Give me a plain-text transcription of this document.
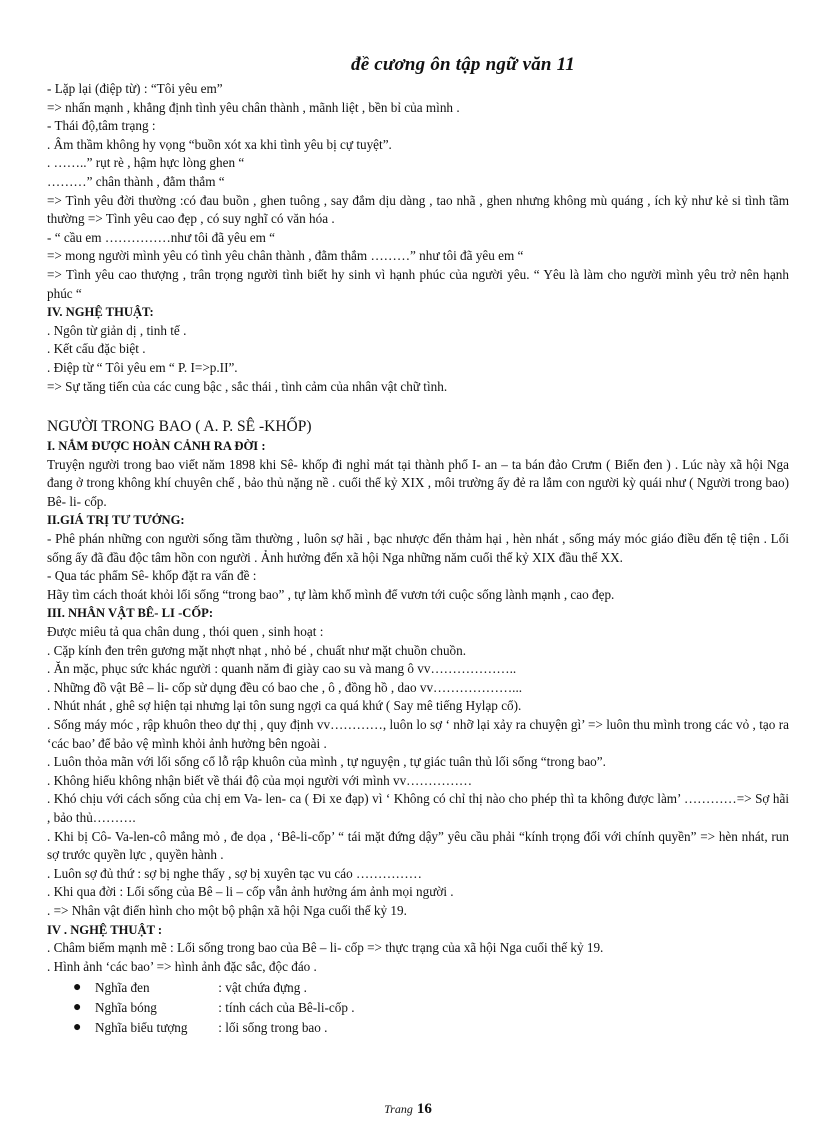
đề cương ôn tập ngữ văn 11
- Lặp lại (điệp từ) : “Tôi yêu em”
=> nhấn mạnh , khẳng định tình yêu chân thành , mãnh liệt , bền bỉ của mình .
- Thái độ,tâm trạng :
. Âm thầm không hy vọng “buồn xót xa khi tình yêu bị cự tuyệt”.
. ……..” rụt rè , hậm hực lòng ghen “
………” chân thành , đằm thắm “
=> Tình yêu đời thường :có đau buồn , ghen tuông , say đắm dịu dàng , tao nhã , ghen nhưng không mù quáng , ích kỷ như kẻ si tình tầm thường => Tình yêu cao đẹp , có suy nghĩ có văn hóa .
- “ cầu em ……………như tôi đã yêu em “
=> mong người mình yêu có tình yêu chân thành , đằm thắm ………” như tôi đã yêu em “
=> Tình yêu cao thượng , trân trọng người tình biết hy sinh vì hạnh phúc của người yêu. “ Yêu là làm cho người mình yêu trở nên hạnh phúc “
IV. NGHỆ THUẬT:
. Ngôn từ giản dị , tinh tế .
. Kết cấu đặc biệt .
. Điệp từ “ Tôi yêu em “ P. I=>p.II”.
=> Sự tăng tiến của các cung bậc , sắc thái , tình cảm của nhân vật chữ tình.
NGƯỜI TRONG BAO ( A. P. SÊ -KHỐP)
I. NẮM ĐƯỢC HOÀN CẢNH RA ĐỜI :
Truyện người trong bao viết năm 1898 khi Sê- khốp đi nghỉ mát tại thành phố I- an – ta bán đảo Crưm ( Biển đen ) . Lúc này xã hội Nga đang ở trong không khí chuyên chế , bảo thủ nặng nề . cuối thế kỷ XIX , môi trường ấy đẻ ra lắm con người kỳ quái như ( Người trong bao) Bê- li- cốp.
II.GIÁ TRỊ TƯ TƯỞNG:
- Phê phán những con người sống tầm thường , luôn sợ hãi , bạc nhược đến thảm hại , hèn nhát , sống máy móc giáo điều đến tệ tiện . Lối sống ấy đã đầu độc tâm hồn con người . Ảnh hưởng đến xã hội Nga những năm cuối thế kỷ XIX đầu thế XX.
- Qua tác phẩm Sê- khốp đặt ra vấn đề :
Hãy tìm cách thoát khỏi lối sống “trong bao” , tự làm khổ mình để vươn tới cuộc sống lành mạnh , cao đẹp.
III. NHÂN VẬT BÊ- LI -CỐP:
Được miêu tả qua chân dung , thói quen , sinh hoạt :
. Cặp kính đen trên gương mặt nhợt nhạt , nhỏ bé , chuất như mặt chuồn chuồn.
. Ăn mặc, phục sức khác người : quanh năm đi giày cao su và mang ô vv………………..
. Những đồ vật Bê – li- cốp sử dụng đều có bao che , ô , đồng hồ , dao vv………………...
. Nhút nhát , ghê sợ hiện tại nhưng lại tôn sung ngợi ca quá khứ ( Say mê tiếng Hylạp cổ).
. Sống máy móc , rập khuôn theo dự thị , quy định vv…………, luôn lo sợ ‘ nhỡ lại xảy ra chuyện gì’ => luôn thu mình trong các vỏ , tạo ra ‘các bao’ để bảo vệ mình khỏi ảnh hưởng bên ngoài .
. Luôn thỏa mãn với lối sống cổ lỗ rập khuôn của mình , tự nguyện , tự giác tuân thủ lối sống “trong bao”.
. Không hiểu không nhận biết về thái độ của mọi người với mình vv……………
. Khó chịu với cách sống của chị em Va- len- ca ( Đi xe đạp) vì ‘ Không có chỉ thị nào cho phép thì ta không được làm’ …………=> Sợ hãi , bảo thủ……….
. Khi bị Cô- Va-len-cô mắng mỏ , đe dọa , ‘Bê-li-cốp’ “ tái mặt đứng dậy” yêu cầu phải “kính trọng đối với chính quyền” => hèn nhát, run sợ trước quyền lực , quyền hành .
. Luôn sợ đủ thứ : sợ bị nghe thấy , sợ bị xuyên tạc vu cáo ……………
. Khi qua đời : Lối sống của Bê – li – cốp vẫn ảnh hưởng ám ảnh mọi người .
. => Nhân vật điển hình cho một bộ phận xã hội Nga cuối thế kỷ 19.
IV . NGHỆ THUẬT :
. Châm biếm mạnh mẽ : Lối sống trong bao của Bê – li- cốp => thực trạng của xã hội Nga cuối thế kỷ 19.
. Hình ảnh ‘các bao’ => hình ảnh đặc sắc, độc đáo .
● Nghĩa đen	: vật chứa đựng .
● Nghĩa bóng	: tính cách của Bê-li-cốp .
● Nghĩa biểu tượng : lối sống trong bao .
Trang 16
